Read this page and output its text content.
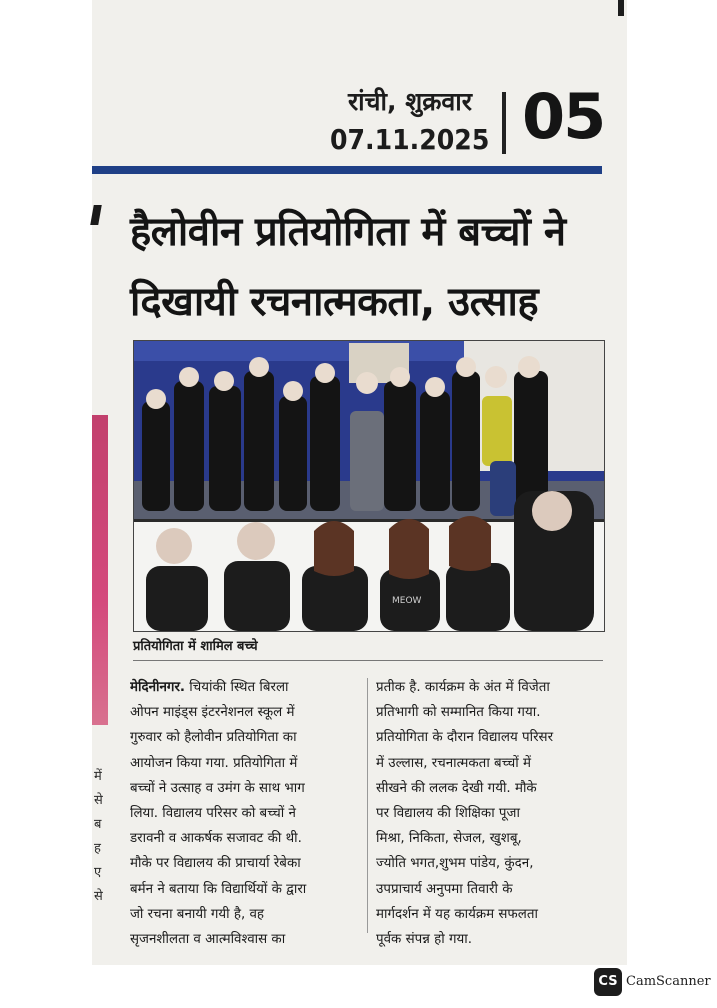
रांची, शुक्रवार
07.11.2025 05
हैलोवीन प्रतियोगिता में बच्चों ने
दिखायी रचनात्मकता, उत्साह
MEOW
प्रतियोगिता में शामिल बच्चे
मेदिनीनगर. चियांकी स्थित बिरला
ओपन माइंड्स इंटरनेशनल स्कूल में
गुरुवार को हैलोवीन प्रतियोगिता का
आयोजन किया गया. प्रतियोगिता में
बच्चों ने उत्साह व उमंग के साथ भाग
लिया. विद्यालय परिसर को बच्चों ने
डरावनी व आकर्षक सजावट की थी.
मौके पर विद्यालय की प्राचार्या रेबेका
बर्मन ने बताया कि विद्यार्थियों के द्वारा
जो रचना बनायी गयी है, वह
सृजनशीलता व आत्मविश्वास का
प्रतीक है. कार्यक्रम के अंत में विजेता
प्रतिभागी को सम्मानित किया गया.
प्रतियोगिता के दौरान विद्यालय परिसर
में उल्लास, रचनात्मकता बच्चों में
सीखने की ललक देखी गयी. मौके
पर विद्यालय की शिक्षिका पूजा
मिश्रा, निकिता, सेजल, खुशबू,
ज्योति भगत,शुभम पांडेय, कुंदन,
उपप्राचार्य अनुपमा तिवारी के
मार्गदर्शन में यह कार्यक्रम सफलता
पूर्वक संपन्न हो गया.
में
से
ब
ह
ए
से
CS CamScanner
